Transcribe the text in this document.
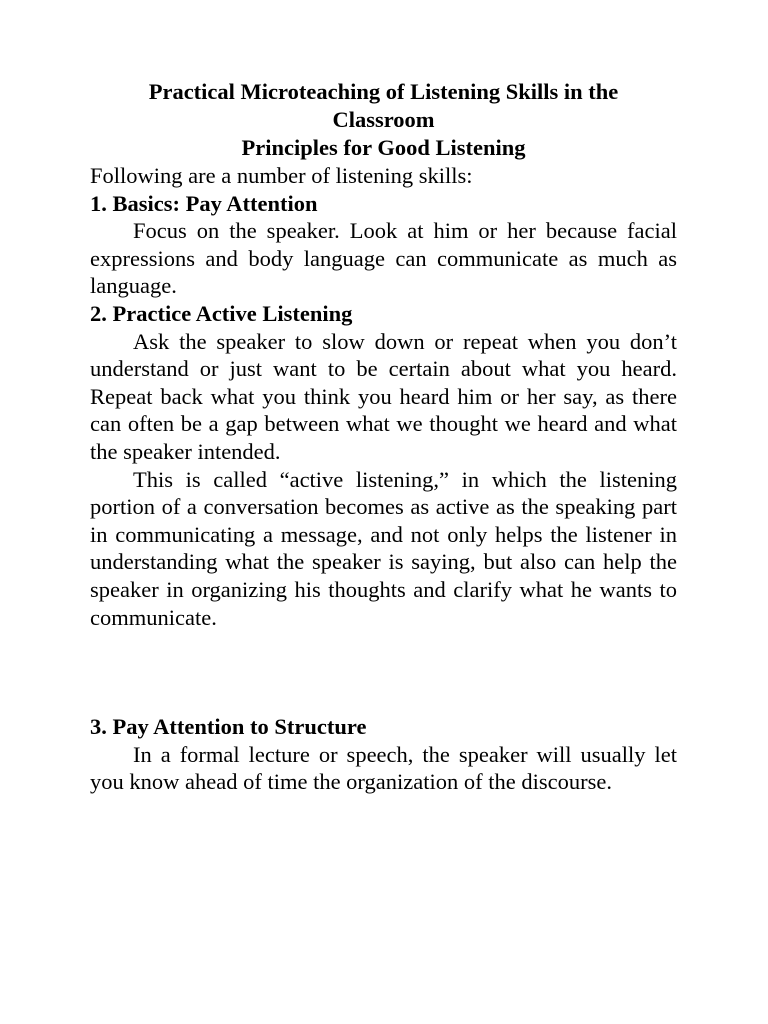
Practical Microteaching of Listening Skills in the
Classroom
Principles for Good Listening

Following are a number of listening skills:

1. Basics: Pay Attention

Focus on the speaker. Look at him or her because facial expressions and body language can communicate as much as language.

2. Practice Active Listening

Ask the speaker to slow down or repeat when you don’t understand or just want to be certain about what you heard. Repeat back what you think you heard him or her say, as there can often be a gap between what we thought we heard and what the speaker intended.

This is called “active listening,” in which the listening portion of a conversation becomes as active as the speaking part in communicating a message, and not only helps the listener in understanding what the speaker is saying, but also can help the speaker in organizing his thoughts and clarify what he wants to communicate.

3. Pay Attention to Structure

In a formal lecture or speech, the speaker will usually let you know ahead of time the organization of the discourse.
